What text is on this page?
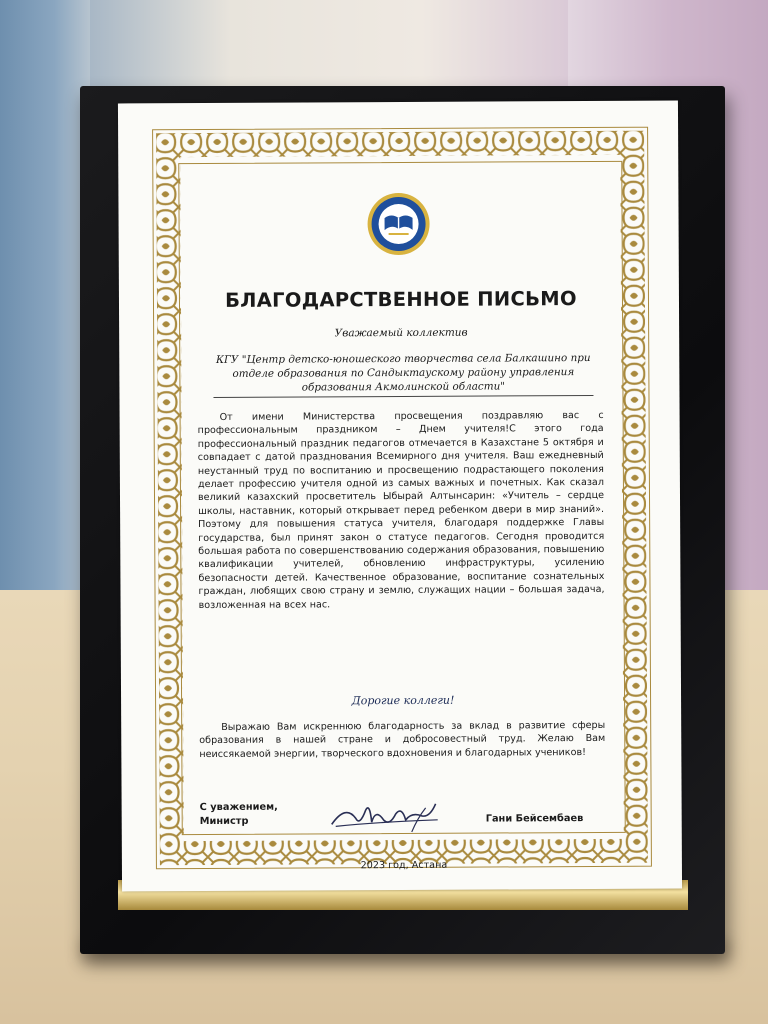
БЛАГОДАРСТВЕННОЕ ПИСЬМО
Уважаемый коллектив
КГУ "Центр детско-юношеского творчества села Балкашино при отделе образования по Сандыктаускому району управления образования Акмолинской области"

От имени Министерства просвещения поздравляю вас с профессиональным праздником – Днем учителя!С этого года профессиональный праздник педагогов отмечается в Казахстане 5 октября и совпадает с датой празднования Всемирного дня учителя. Ваш ежедневный неустанный труд по воспитанию и просвещению подрастающего поколения делает профессию учителя одной из самых важных и почетных. Как сказал великий казахский просветитель Ыбырай Алтынсарин: «Учитель – сердце школы, наставник, который открывает перед ребенком двери в мир знаний». Поэтому для повышения статуса учителя, благодаря поддержке Главы государства, был принят закон о статусе педагогов. Сегодня проводится большая работа по совершенствованию содержания образования, повышению квалификации учителей, обновлению инфраструктуры, усилению безопасности детей. Качественное образование, воспитание сознательных граждан, любящих свою страну и землю, служащих нации – большая задача, возложенная на всех нас.

Дорогие коллеги!

Выражаю Вам искреннюю благодарность за вклад в развитие сферы образования в нашей стране и добросовестный труд. Желаю Вам неиссякаемой энергии, творческого вдохновения и благодарных учеников!

С уважением,
Министр	Гани Бейсембаев
2023 год, Астана
